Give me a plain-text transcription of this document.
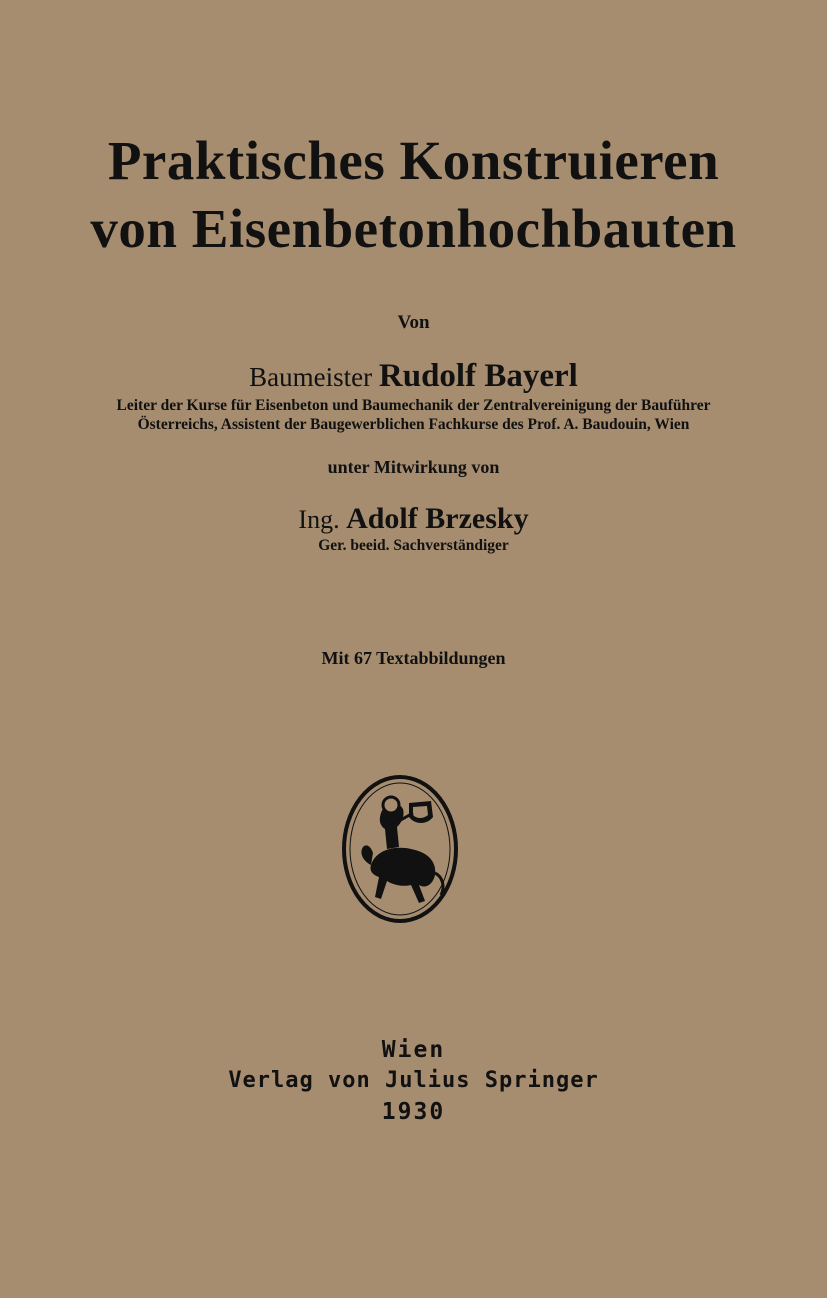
Praktisches Konstruieren
von Eisenbetonhochbauten
Von
Baumeister Rudolf Bayerl
Leiter der Kurse für Eisenbeton und Baumechanik der Zentralvereinigung der Bauführer
Österreichs, Assistent der Baugewerblichen Fachkurse des Prof. A. Baudouin, Wien
unter Mitwirkung von
Ing. Adolf Brzesky
Ger. beeid. Sachverständiger
Mit 67 Textabbildungen
Wien
Verlag von Julius Springer
1930
